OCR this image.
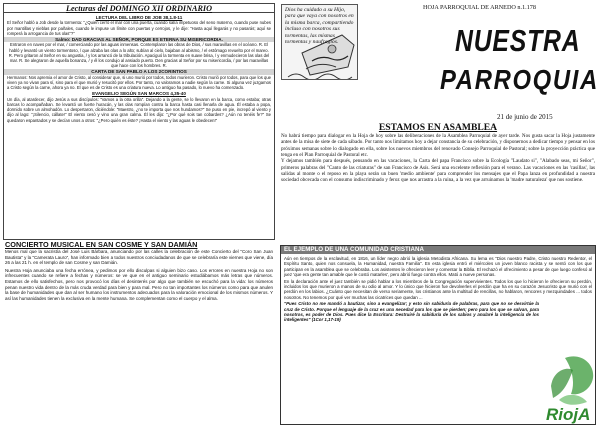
Lecturas del DOMINGO XII ORDINARIO
LECTURA DEL LIBRO DE JOB 38,1.8-11
El Señor habló a Job desde la tormenta: "¿Quién cerró el mar con una puerta, cuando salía impetuoso del seno materno, cuando puse nubes por mantillas y nieblas por pañales, cuando le impuse un límite con puertas y cerrojos, y le dije: "Hasta aquí llegarás y no pasarás; aquí se romperá la arrogancia de tus olas"?"
Salmo: DAD GRACIAS AL SEÑOR, PORQUE ES ETERNA SU MISERICORDIA.
Entraron en naves por el mar, / comerciando por las aguas inmensas. Contemplaron las obras de Dios, / sus maravillas en el océano. R. El habló y levantó un viento tormentoso, / que alzaba las olas a lo alto; subían al cielo, bajaban al abismo, / el estómago revuelto por el mareo. R. Pero gritaron al Señor en su angustia, / y los arrancó de la tribulación. Apaciguó la tormenta en suave brisa, / y enmudecieron las olas del mar. R. Se alegraron de aquella bonanza, / y él los condujo al ansiado puerto. Den gracias al Señor por su misericordia, / por las maravillas que hace con los hombres. R.
CARTA DE SAN PABLO A LOS 2CORINTIOS
Hermanos: Nos apremia el amor de Cristo, al considerar que, si uno murió por todos, todos murieron. Cristo murió por todos, para que los que viven ya no vivan para sí, sino para el que murió y resucitó por ellos. Por tanto, no valoramos a nadie según la carne. Si alguna vez juzgamos a Cristo según la carne, ahora ya no. El que es de Cristo es una criatura nueva. Lo antiguo ha pasado, lo nuevo ha comenzado.
EVANGELIO SEGÚN SAN MARCOS 4,35-40
Un día, al atardecer, dijo Jesús a sus discípulos: "Vamos a la otra orilla". Dejando a la gente, se lo llevaron en la barca, como estaba; otras barcas lo acompañaban. Se levantó un fuerte huracán, y las olas rompían contra la barca hasta casi llenarla de agua. Él estaba a popa, dormido sobre un almohadón. Lo despertaron, diciéndole: "Maestro, ¿no te importa que nos hundamos?" Se puso en pie, increpó al viento y dijo al lago: "¡Silencio, cállate!" El viento cesó y vino una gran calma. Él les dijo: "¿Por qué sois tan cobardes? ¿Aún no tenéis fe?" Se quedaron espantados y se decían unos a otros: "¿Pero quién es éste? ¡Hasta el viento y las aguas le obedecen!"
CONCIERTO MUSICAL EN SAN COSME Y SAN DAMIÁN
Menos mal que la sacristía del José Luis Bárbara, anunciando por las calles la celebración de este Concierto del "Coro San Juan Bautista" y la "Camerata Lauro", han informado bien a todos nuestros conciudadanos de que se celebraría este viernes que viene, día 26 a las 21 h. en el templo de san Cosme y san Damián.
Nuestra Hoja anunciaba una fecha errónea, y pedimos por ello disculpas si alguien bizo caso. Los errores en nuestra Hoja no son infrecuentes cuando se refiere a fechas y números: se ve que en el antiguo seminario estudiábamos más letras que números. Estamos de ello satisfechos, pero nos provocó los días el desinterés por algo que también se escuchó para la vida: los números penan nuestro vida dentro de la más cruda verdad para bien y para mal. Pero no tan importantes los números como para que anulen la base de humanidades que dan al ser humano los instrumentos adecuados para la valoración emocional de los mismos números. Y así las humanidades tienen la exclusiva en la mente humana. Se complementan como el cuerpo y el alma.
Dios ha cuidado a su Hijo, para que vaya con nosotros en la misma barca, compartiendo incluso con nosotros sus tormentas, las mismas tormentas y naufragios.
HOJA PARROQUIAL DE ARNEDO n.1.178
NUESTRA
PARROQUIA
21 de junio de 2015
ESTAMOS EN ASAMBLEA
No habrá tiempo para dialogar en la Hoja de hoy sobre las deliberaciones de la Asamblea Parroquial de ayer tarde. Nos gusta sacar la Hoja justamente antes de la misa de siete de cada sábado. Por tanto nos limitamos hoy a dejar constancia de su celebración, y disponernos a dedicar tiempo y pensar en los próximos semanas sobre lo dialogado en ella, sobre los nuevos miembros del renovado Consejo Parroquial de Pastoral; sobre la proyección práctica que tenga en el Plan Parroquial de Pastoral etc.
Y dejamos también para después, pensando en las vacaciones, la Carta del papa Francisco sobre la Ecología "Laudato si", "Alabado seas, mi Señor", primeros palabras del "Canto de las criaturas" de san Francisco de Asís. Será una excelente reflexión para el verano. Las vacaciones en las 'casillas', las salidas al monte o el reposo en la playa serán un buen 'medio ambiente' para comprender los mensajes que el Papa lanza en profundidad a nuestra sociedad obcecada con el consumo indiscriminado y feroz que nos arrastra a la ruina, a la vez que arruinamos la 'madre naturaleza' que nos sostiene.
EL EJEMPLO DE UNA COMUNIDAD CRISTIANA
Aún en tiempos de la esclavitud, en 1816, un líder negro abrió la iglesia Metodista Africana. Su lema es "Dios nuestro Padre, Cristo nuestro Redentor, el Espíritu Santo, quien nos consuela, la Humanidad, nuestra Familia". En esta iglesia entró el miércoles un joven blanco racista y se sentó con los que participan en la asamblea que se celebraba. Los asistentes le ofrecieron leer y comentar la Biblia. El rechazó el ofrecimiento a pesar de que luego confesó al juez 'que era gente tan amable que le costó matarles', pero abrió fuego contra ellos. Mató a nueve personas.
En la declaración ante el juez también se pidió hablar a los miembros de la Congregación supervivientes. Todos los que lo hicieron le ofrecieron su perdón, incluidos los que murieron a manos de su odio al amor. Y lo único que hicieron fue devolverles el perdón que ha en su corazón Jesucristo que murió con el perdón en los labios. ¿Cuánto que necesitan de verso seriamente, los cristianos ante la multitud de rencillas, no hablaron, rencores y mezquindades ... todos nosotros. No tenemos por qué ver muchas las cicatrices que quedan ...
"Pues Cristo no me mandó a bautizar, sino a evangelizar; y esto sin sabiduría de palabras, para que no se desvirtúe la cruz de Cristo. Porque el lenguaje de la cruz es una necedad para los que se pierden; pero para los que se salvan, para nosotros, es poder de Dios. Pues dice la Escritura: Destruiré la sabiduría de los sabios y anularé la inteligencia de los inteligentes" (1Cor 1,17-19)
RiojA
